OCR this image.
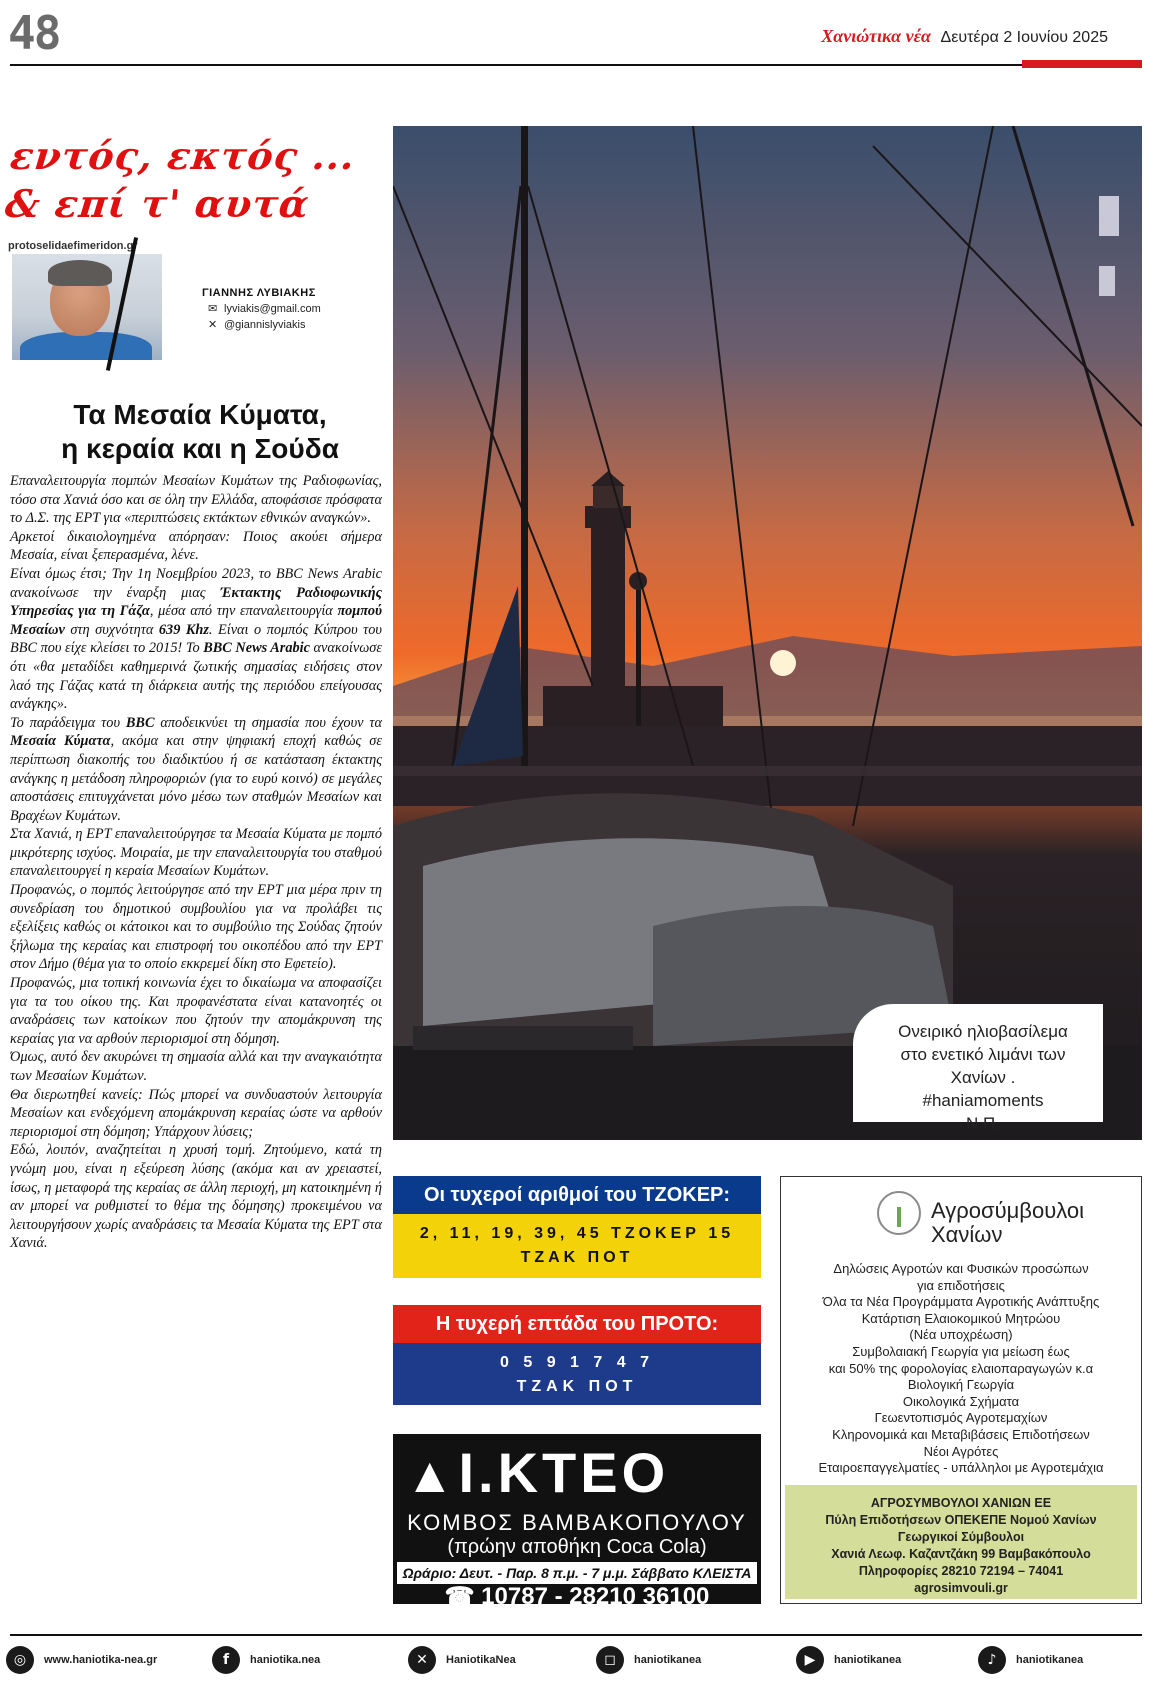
48	Χανιώτικα νέα Δευτέρα 2 Ιουνίου 2025
εντός, εκτός ...
& επί τ' αυτά
protoselidaefimeridon.gr
ΓΙΑΝΝΗΣ ΛΥΒΙΑΚΗΣ
✉ lyviakis@gmail.com
✕ @giannislyviakis
Τα Μεσαία Κύματα,
η κεραία και η Σούδα

Επαναλειτουργία πομπών Μεσαίων Κυμάτων της Ραδιοφωνίας, τόσο στα Χανιά όσο και σε όλη την Ελλάδα, αποφάσισε πρόσφατα το Δ.Σ. της ΕΡΤ για «περιπτώσεις εκτάκτων εθνικών αναγκών».

Αρκετοί δικαιολογημένα απόρησαν: Ποιος ακούει σήμερα Μεσαία, είναι ξεπερασμένα, λένε.

Είναι όμως έτσι; Την 1η Νοεμβρίου 2023, το BBC News Arabic ανακοίνωσε την έναρξη μιας Έκτακτης Ραδιοφωνικής Υπηρεσίας για τη Γάζα, μέσα από την επαναλειτουργία πομπού Μεσαίων στη συχνότητα 639 Khz. Είναι ο πομπός Κύπρου του BBC που είχε κλείσει το 2015! Το BBC News Arabic ανακοίνωσε ότι «θα μεταδίδει καθημερινά ζωτικής σημασίας ειδήσεις στον λαό της Γάζας κατά τη διάρκεια αυτής της περιόδου επείγουσας ανάγκης».

Το παράδειγμα του BBC αποδεικνύει τη σημασία που έχουν τα Μεσαία Κύματα, ακόμα και στην ψηφιακή εποχή καθώς σε περίπτωση διακοπής του διαδικτύου ή σε κατάσταση έκτακτης ανάγκης η μετάδοση πληροφοριών (για το ευρύ κοινό) σε μεγάλες αποστάσεις επιτυγχάνεται μόνο μέσω των σταθμών Μεσαίων και Βραχέων Κυμάτων.

Στα Χανιά, η ΕΡΤ επαναλειτούργησε τα Μεσαία Κύματα με πομπό μικρότερης ισχύος. Μοιραία, με την επαναλειτουργία του σταθμού επαναλειτουργεί η κεραία Μεσαίων Κυμάτων.

Προφανώς, ο πομπός λειτούργησε από την ΕΡΤ μια μέρα πριν τη συνεδρίαση του δημοτικού συμβουλίου για να προλάβει τις εξελίξεις καθώς οι κάτοικοι και το συμβούλιο της Σούδας ζητούν ξήλωμα της κεραίας και επιστροφή του οικοπέδου από την ΕΡΤ στον Δήμο (θέμα για το οποίο εκκρεμεί δίκη στο Εφετείο).

Προφανώς, μια τοπική κοινωνία έχει το δικαίωμα να αποφασίζει για τα του οίκου της. Και προφανέστατα είναι κατανοητές οι αναδράσεις των κατοίκων που ζητούν την απομάκρυνση της κεραίας για να αρθούν περιορισμοί στη δόμηση.

Όμως, αυτό δεν ακυρώνει τη σημασία αλλά και την αναγκαιότητα των Μεσαίων Κυμάτων.

Θα διερωτηθεί κανείς: Πώς μπορεί να συνδυαστούν λειτουργία Μεσαίων και ενδεχόμενη απομάκρυνση κεραίας ώστε να αρθούν περιορισμοί στη δόμηση; Υπάρχουν λύσεις;

Εδώ, λοιπόν, αναζητείται η χρυσή τομή. Ζητούμενο, κατά τη γνώμη μου, είναι η εξεύρεση λύσης (ακόμα και αν χρειαστεί, ίσως, η μεταφορά της κεραίας σε άλλη περιοχή, μη κατοικημένη ή αν μπορεί να ρυθμιστεί το θέμα της δόμησης) προκειμένου να λειτουργήσουν χωρίς αναδράσεις τα Μεσαία Κύματα της ΕΡΤ στα Χανιά.

Ονειρικό ηλιοβασίλεμα
στο ενετικό λιμάνι των Χανίων .
#haniamoments
Ν.Π.
Οι τυχεροί αριθμοί του ΤΖΟΚΕΡ:
2, 11, 19, 39, 45 ΤΖΟΚΕΡ 15
ΤΖΑΚ ΠΟΤ
Η τυχερή επτάδα του ΠΡΟΤΟ:
0 5 9 1 7 4 7
ΤΖΑΚ ΠΟΤ
▲Ι.ΚΤΕΟ
ΚΟΜΒΟΣ ΒΑΜΒΑΚΟΠΟΥΛΟΥ
(πρώην αποθήκη Coca Cola)
Ωράριο: Δευτ. - Παρ. 8 π.μ. - 7 μ.μ. Σάββατο ΚΛΕΙΣΤΑ
☎ 10787 - 28210 36100
Αγροσύμβουλοι
Χανίων
Δηλώσεις Αγροτών και Φυσικών προσώπων
για επιδοτήσεις
Όλα τα Νέα Προγράμματα Αγροτικής Ανάπτυξης
Κατάρτιση Ελαιοκομικού Μητρώου
(Νέα υποχρέωση)
Συμβολαιακή Γεωργία για μείωση έως
και 50% της φορολογίας ελαιοπαραγωγών κ.α
Βιολογική Γεωργία
Οικολογικά Σχήματα
Γεωεντοπισμός Αγροτεμαχίων
Κληρονομικά και Μεταβιβάσεις Επιδοτήσεων
Νέοι Αγρότες
Εταιροεπαγγελματίες - υπάλληλοι με Αγροτεμάχια
ΑΓΡΟΣΥΜΒΟΥΛΟΙ ΧΑΝΙΩΝ ΕΕ
Πύλη Επιδοτήσεων ΟΠΕΚΕΠΕ Νομού Χανίων
Γεωργικοί Σύμβουλοι
Χανιά Λεωφ. Καζαντζάκη 99 Βαμβακόπουλο
Πληροφορίες 28210 72194 – 74041
agrosimvouli.gr
◎	www.haniotika-nea.gr	f	haniotika.nea	✕	HaniotikaNea	◻	haniotikanea	▶	haniotikanea	♪	haniotikanea
